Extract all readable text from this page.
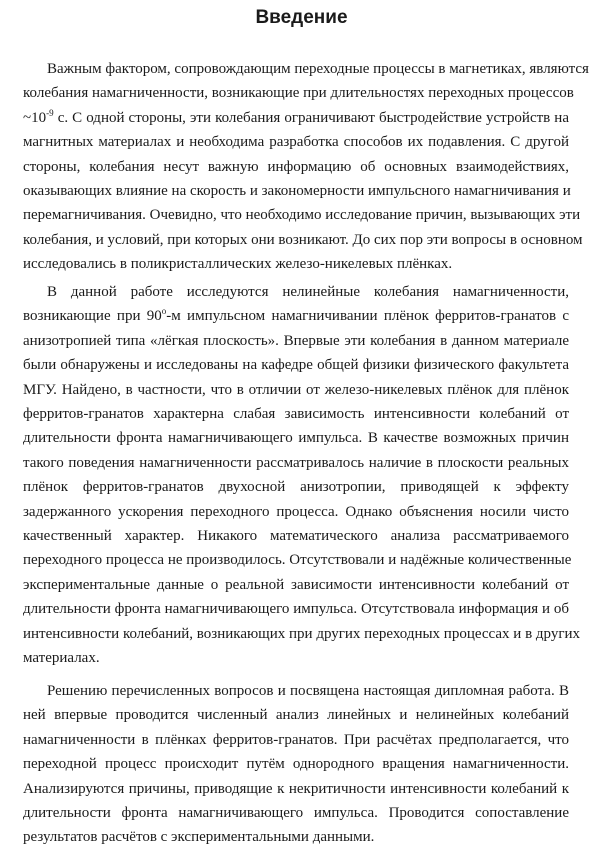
Введение

Важным фактором, сопровождающим переходные процессы в магнетиках, являются
колебания намагниченности, возникающие при длительностях переходных процессов
$\sim 10^{-9}$ с. С одной стороны, эти колебания ограничивают быстродействие устройств на
магнитных материалах и необходима разработка способов их подавления. С другой
стороны, колебания несут важную информацию об основных взаимодействиях,
оказывающих влияние на скорость и закономерности импульсного намагничивания и
перемагничивания. Очевидно, что необходимо исследование причин, вызывающих эти
колебания, и условий, при которых они возникают. До сих пор эти вопросы в основном
исследовались в поликристаллических железо-никелевых плёнках.

В данной работе исследуются нелинейные колебания намагниченности,
возникающие при 90$^o$-м импульсном намагничивании плёнок ферритов-гранатов с
анизотропией типа «лёгкая плоскость». Впервые эти колебания в данном материале
были обнаружены и исследованы на кафедре общей физики физического факультета
МГУ. Найдено, в частности, что в отличии от железо-никелевых плёнок для плёнок
ферритов-гранатов характерна слабая зависимость интенсивности колебаний от
длительности фронта намагничивающего импульса. В качестве возможных причин
такого поведения намагниченности рассматривалось наличие в плоскости реальных
плёнок ферритов-гранатов двухосной анизотропии, приводящей к эффекту
задержанного ускорения переходного процесса. Однако объяснения носили чисто
качественный характер. Никакого математического анализа рассматриваемого
переходного процесса не производилось. Отсутствовали и надёжные количественные
экспериментальные данные о реальной зависимости интенсивности колебаний от
длительности фронта намагничивающего импульса. Отсутствовала информация и об
интенсивности колебаний, возникающих при других переходных процессах и в других
материалах.

Решению перечисленных вопросов и посвящена настоящая дипломная работа. В
ней впервые проводится численный анализ линейных и нелинейных колебаний
намагниченности в плёнках ферритов-гранатов. При расчётах предполагается, что
переходной процесс происходит путём однородного вращения намагниченности.
Анализируются причины, приводящие к некритичности интенсивности колебаний к
длительности фронта намагничивающего импульса. Проводится сопоставление
результатов расчётов с экспериментальными данными.
